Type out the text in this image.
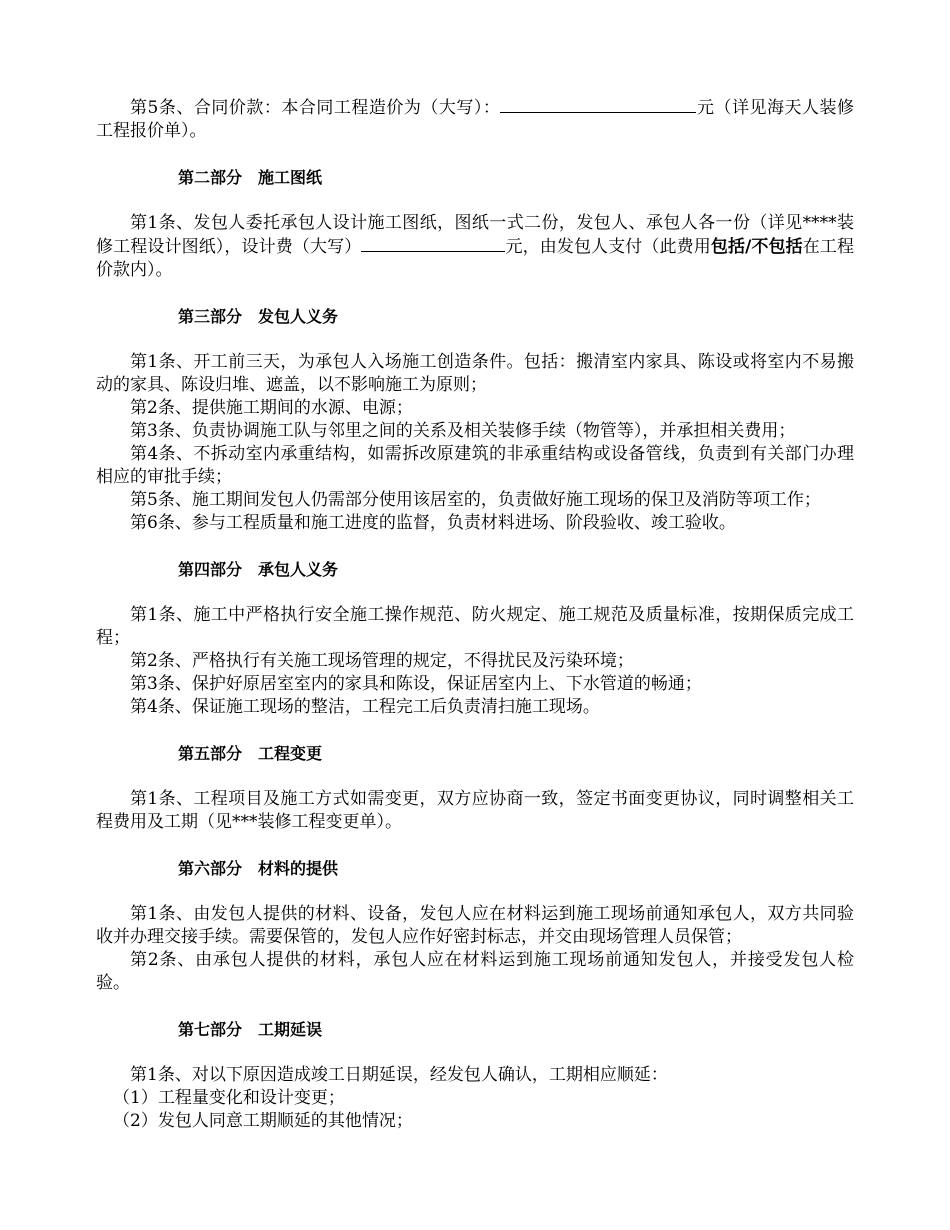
第5条、合同价款：本合同工程造价为（大写）：	元（详见海天人装修工程报价单）。

第二部分　施工图纸

第1条、发包人委托承包人设计施工图纸，图纸一式二份，发包人、承包人各一份（详见****装修工程设计图纸），设计费（大写）	元，由发包人支付（此费用包括/不包括在工程价款内）。

第三部分　发包人义务

第1条、开工前三天，为承包人入场施工创造条件。包括：搬清室内家具、陈设或将室内不易搬动的家具、陈设归堆、遮盖，以不影响施工为原则；

第2条、提供施工期间的水源、电源；

第3条、负责协调施工队与邻里之间的关系及相关装修手续（物管等），并承担相关费用；

第4条、不拆动室内承重结构，如需拆改原建筑的非承重结构或设备管线，负责到有关部门办理相应的审批手续；

第5条、施工期间发包人仍需部分使用该居室的，负责做好施工现场的保卫及消防等项工作；

第6条、参与工程质量和施工进度的监督，负责材料进场、阶段验收、竣工验收。

第四部分　承包人义务

第1条、施工中严格执行安全施工操作规范、防火规定、施工规范及质量标准，按期保质完成工程；

第2条、严格执行有关施工现场管理的规定，不得扰民及污染环境；

第3条、保护好原居室室内的家具和陈设，保证居室内上、下水管道的畅通；

第4条、保证施工现场的整洁，工程完工后负责清扫施工现场。

第五部分　工程变更

第1条、工程项目及施工方式如需变更，双方应协商一致，签定书面变更协议，同时调整相关工程费用及工期（见***装修工程变更单）。

第六部分　材料的提供

第1条、由发包人提供的材料、设备，发包人应在材料运到施工现场前通知承包人，双方共同验收并办理交接手续。需要保管的，发包人应作好密封标志，并交由现场管理人员保管；

第2条、由承包人提供的材料，承包人应在材料运到施工现场前通知发包人，并接受发包人检验。

第七部分　工期延误

第1条、对以下原因造成竣工日期延误，经发包人确认，工期相应顺延：

（1）工程量变化和设计变更；

（2）发包人同意工期顺延的其他情况；
